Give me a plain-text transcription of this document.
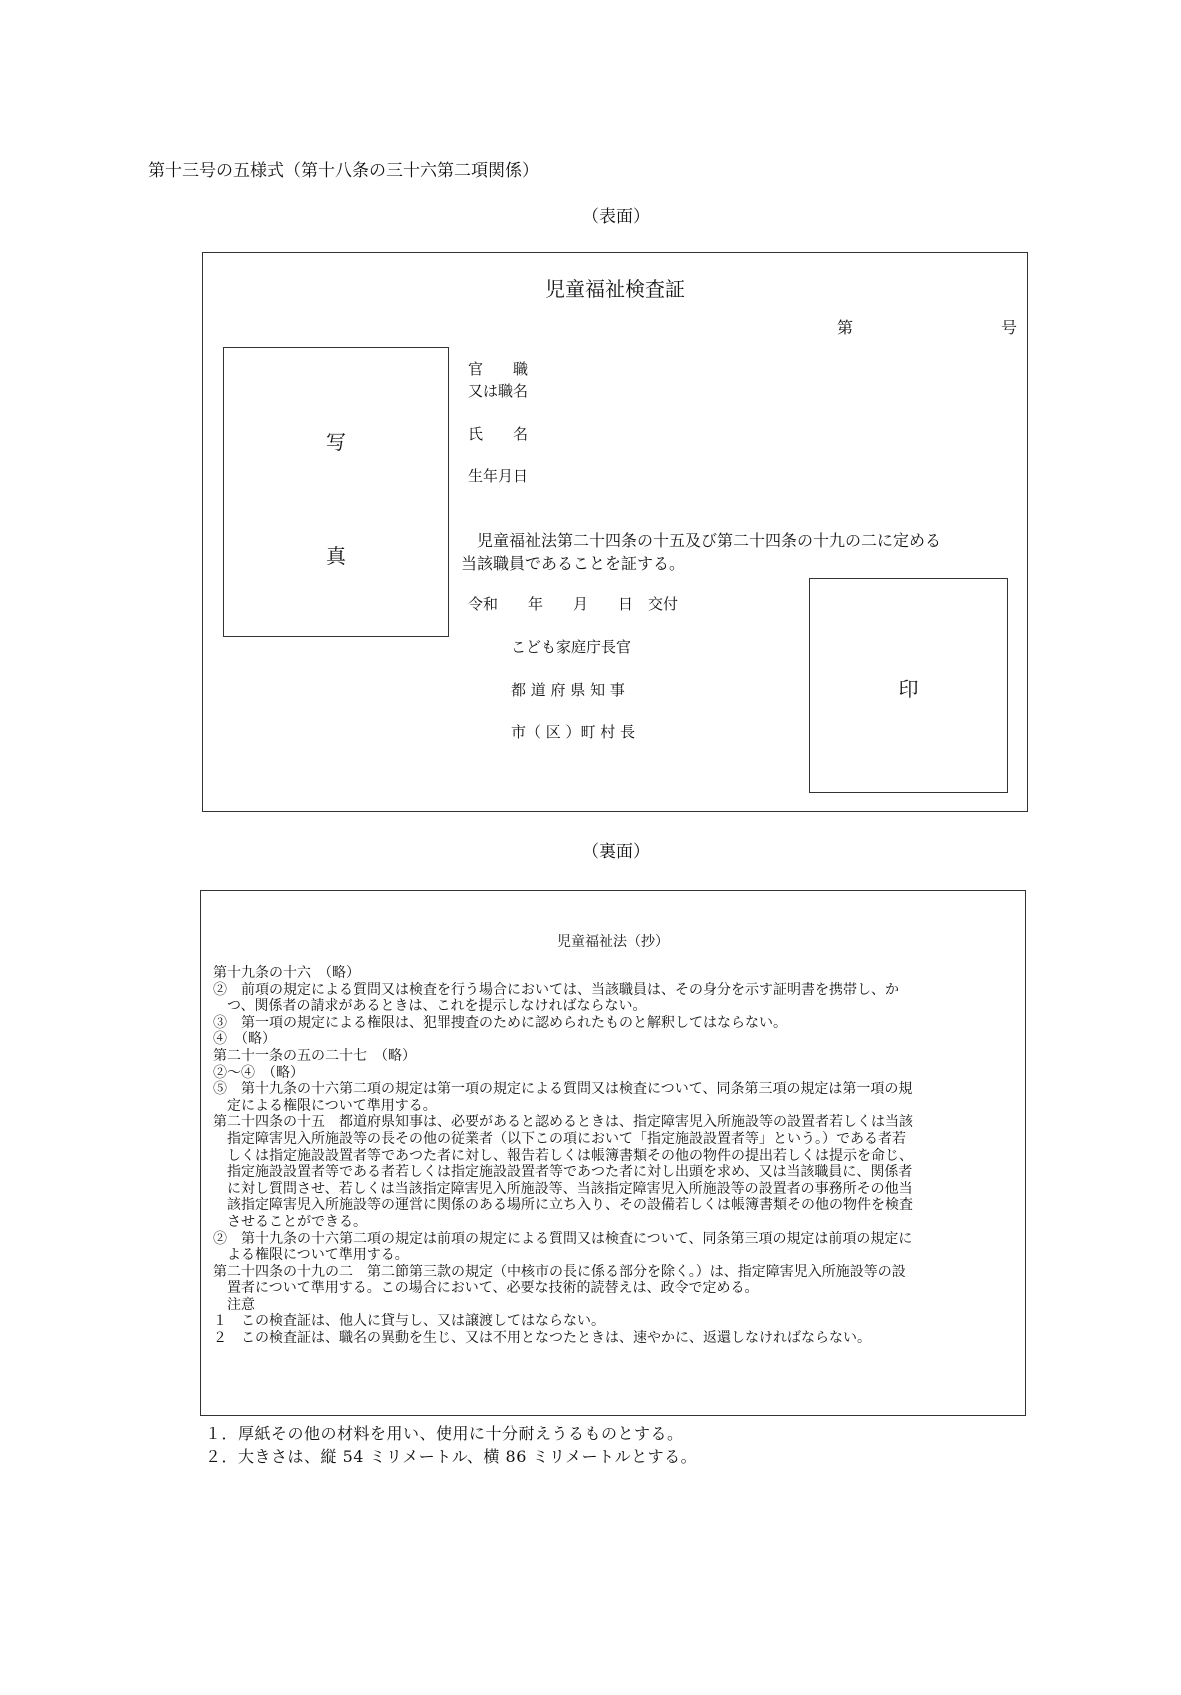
第十三号の五様式（第十八条の三十六第二項関係）
（表面）
児童福祉検査証
第	号
写
真
官　　職
又は職名
氏　　名
生年月日
　児童福祉法第二十四条の十五及び第二十四条の十九の二に定める
当該職員であることを証する。
令和　　年　　月　　日　交付
こども家庭庁長官
都 道 府 県 知 事
市（ 区 ）町 村 長
印
（裏面）
児童福祉法（抄）
第十九条の十六　（略）
②　前項の規定による質問又は検査を行う場合においては、当該職員は、その身分を示す証明書を携帯し、か
　つ、関係者の請求があるときは、これを提示しなければならない。
③　第一項の規定による権限は、犯罪捜査のために認められたものと解釈してはならない。
④　（略）
第二十一条の五の二十七　（略）
②～④　（略）
⑤　第十九条の十六第二項の規定は第一項の規定による質問又は検査について、同条第三項の規定は第一項の規
　定による権限について準用する。
第二十四条の十五　都道府県知事は、必要があると認めるときは、指定障害児入所施設等の設置者若しくは当該
　指定障害児入所施設等の長その他の従業者（以下この項において「指定施設設置者等」という。）である者若
　しくは指定施設設置者等であつた者に対し、報告若しくは帳簿書類その他の物件の提出若しくは提示を命じ、
　指定施設設置者等である者若しくは指定施設設置者等であつた者に対し出頭を求め、又は当該職員に、関係者
　に対し質問させ、若しくは当該指定障害児入所施設等、当該指定障害児入所施設等の設置者の事務所その他当
　該指定障害児入所施設等の運営に関係のある場所に立ち入り、その設備若しくは帳簿書類その他の物件を検査
　させることができる。
②　第十九条の十六第二項の規定は前項の規定による質問又は検査について、同条第三項の規定は前項の規定に
　よる権限について準用する。
第二十四条の十九の二　第二節第三款の規定（中核市の長に係る部分を除く。）は、指定障害児入所施設等の設
　置者について準用する。この場合において、必要な技術的読替えは、政令で定める。
　注意
１　この検査証は、他人に貸与し、又は譲渡してはならない。
２　この検査証は、職名の異動を生じ、又は不用となつたときは、速やかに、返還しなければならない。
１．厚紙その他の材料を用い、使用に十分耐えうるものとする。
２．大きさは、縦 54 ミリメートル、横 86 ミリメートルとする。
